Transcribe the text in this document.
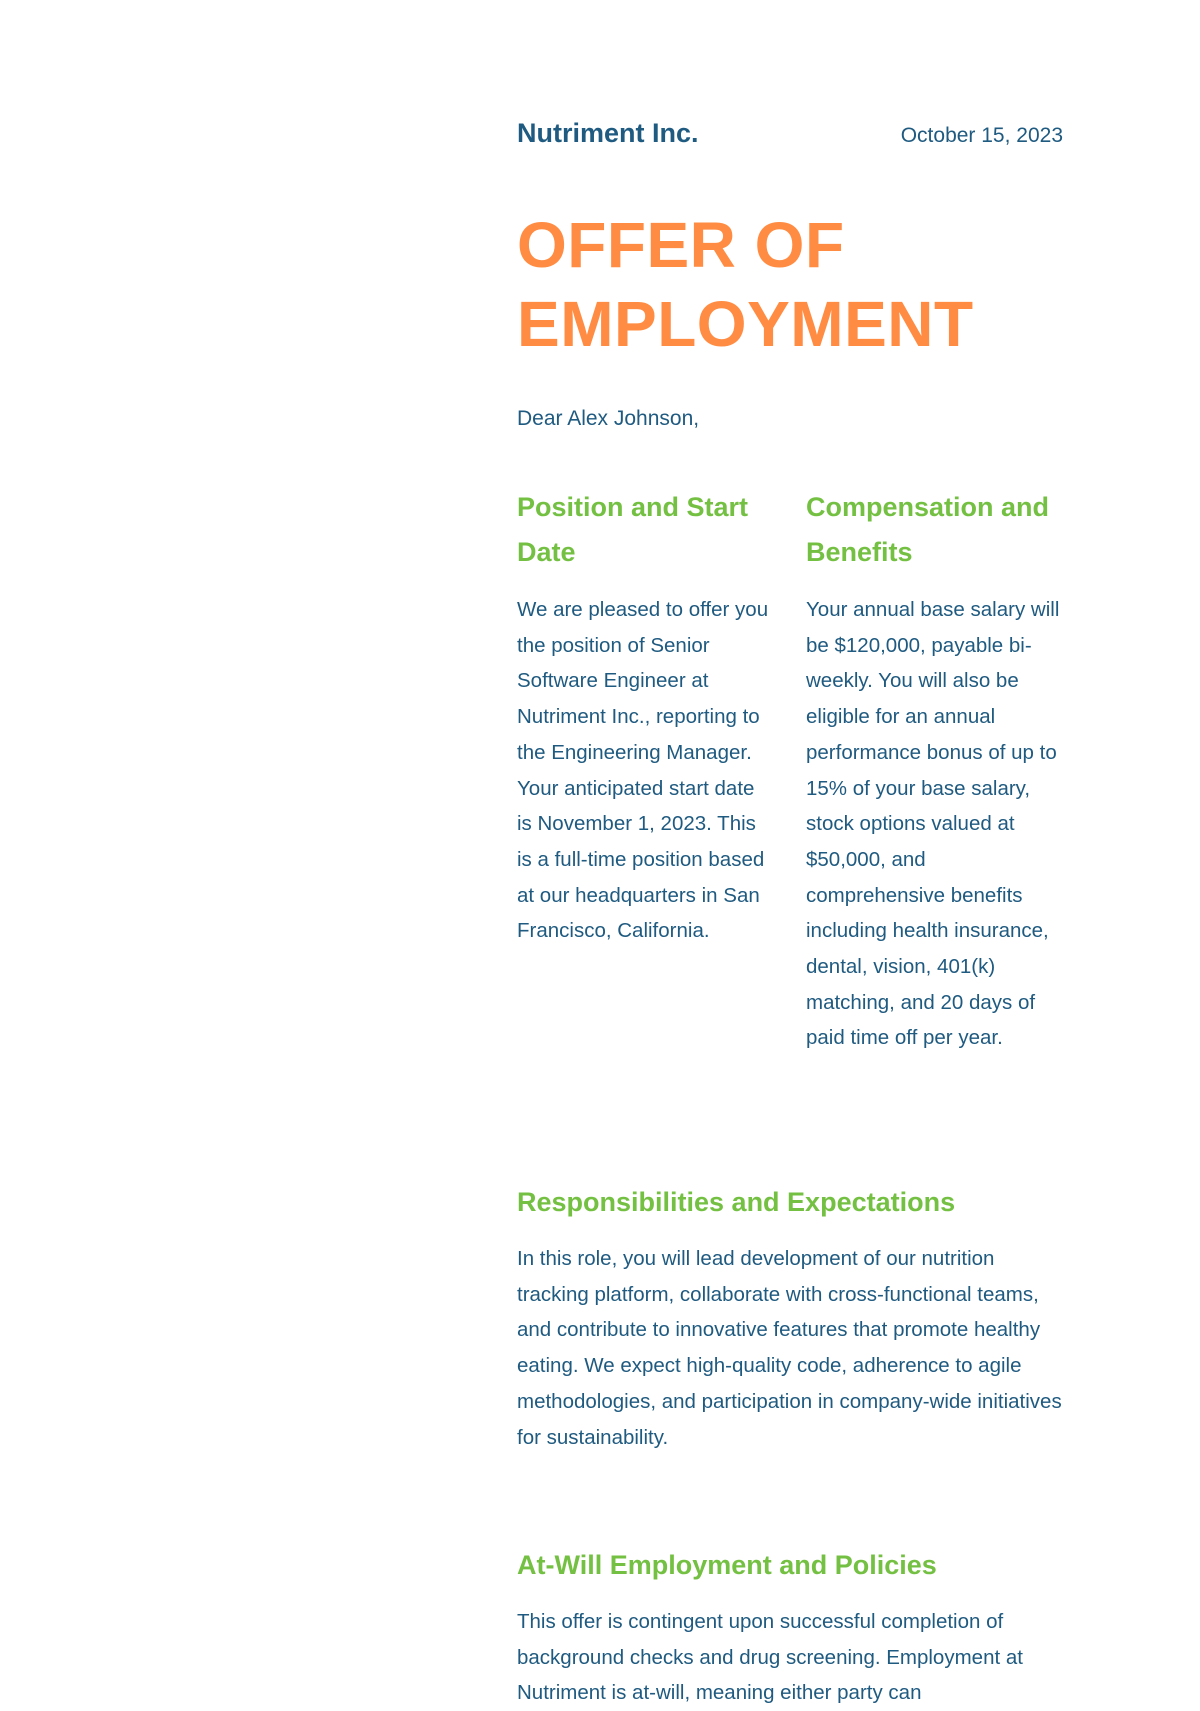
Nutriment Inc.	October 15, 2023
OFFER OF
EMPLOYMENT
Dear Alex Johnson,
Position and Start Date

We are pleased to offer you the position of Senior Software Engineer at Nutriment Inc., reporting to the Engineering Manager. Your anticipated start date is November 1, 2023. This is a full-time position based at our headquarters in San Francisco, California.

Compensation and Benefits

Your annual base salary will be $120,000, payable bi-weekly. You will also be eligible for an annual performance bonus of up to 15% of your base salary, stock options valued at $50,000, and comprehensive benefits including health insurance, dental, vision, 401(k) matching, and 20 days of paid time off per year.

Responsibilities and Expectations

In this role, you will lead development of our nutrition tracking platform, collaborate with cross-functional teams, and contribute to innovative features that promote healthy eating. We expect high-quality code, adherence to agile methodologies, and participation in company-wide initiatives for sustainability.

At-Will Employment and Policies

This offer is contingent upon successful completion of background checks and drug screening. Employment at Nutriment is at-will, meaning either party can
